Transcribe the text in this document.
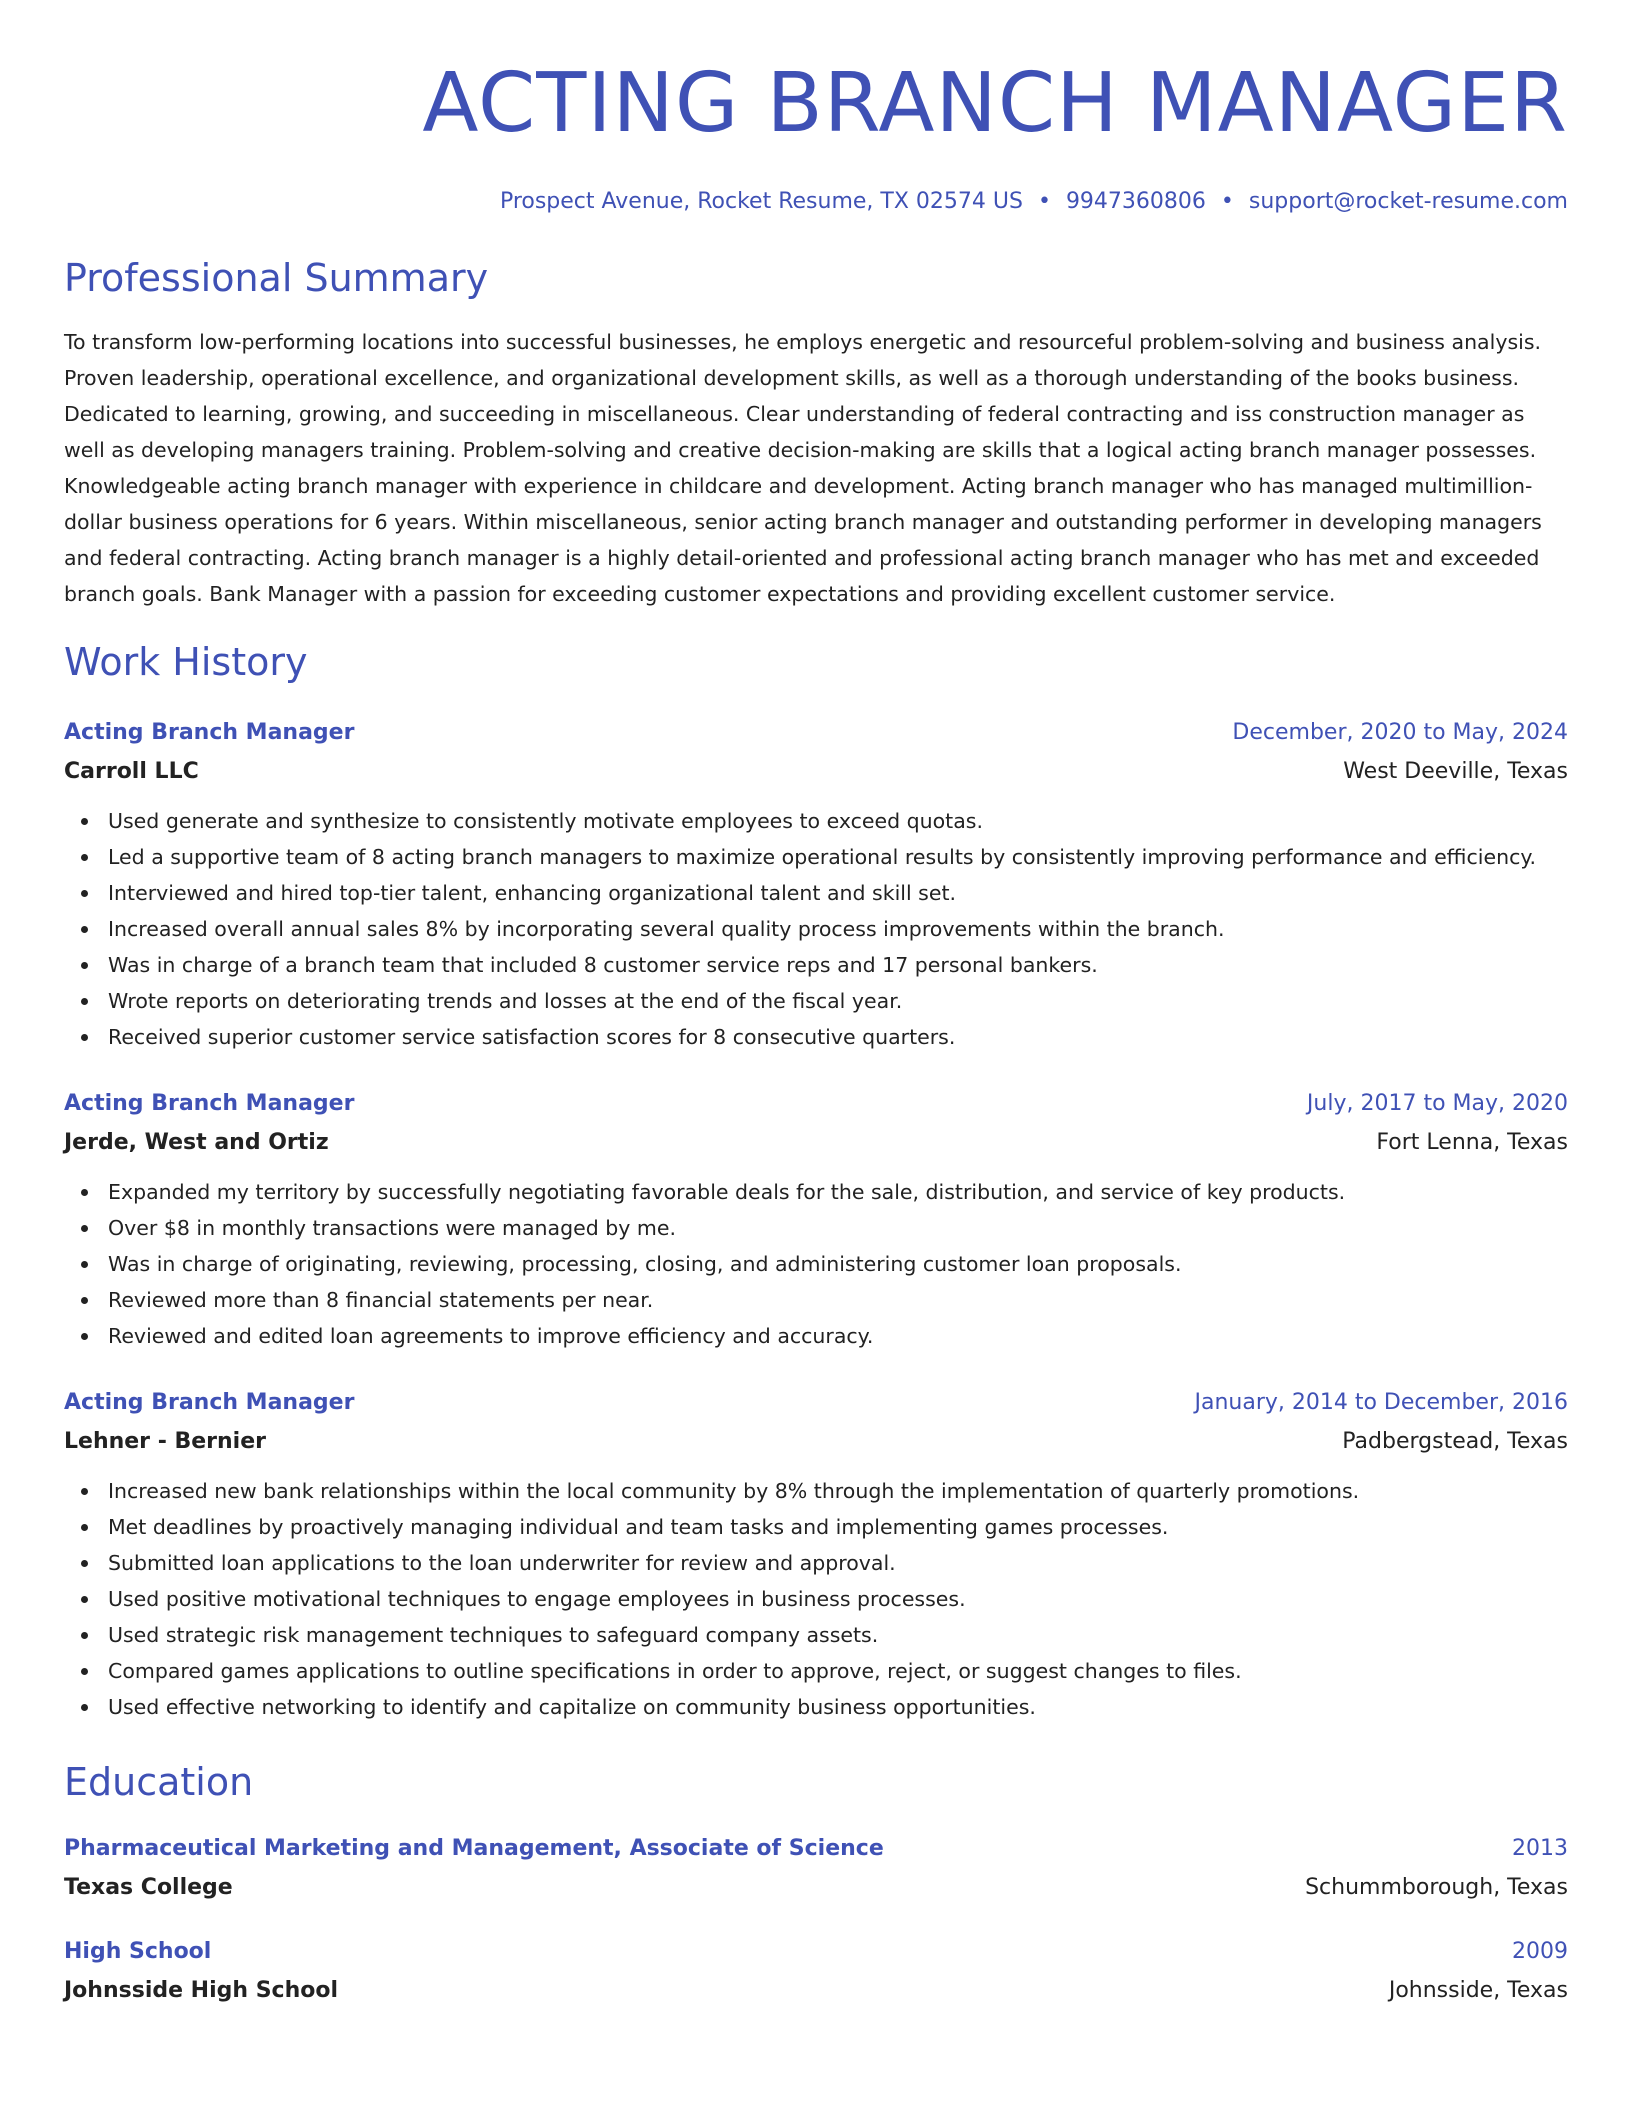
ACTING BRANCH MANAGER
Prospect Avenue, Rocket Resume, TX 02574 US • 9947360806 • support@rocket-resume.com
Professional Summary
To transform low-performing locations into successful businesses, he employs energetic and resourceful problem-solving and business analysis. Proven leadership, operational excellence, and organizational development skills, as well as a thorough understanding of the books business. Dedicated to learning, growing, and succeeding in miscellaneous. Clear understanding of federal contracting and iss construction manager as well as developing managers training. Problem-solving and creative decision-making are skills that a logical acting branch manager possesses. Knowledgeable acting branch manager with experience in childcare and development. Acting branch manager who has managed multimillion-dollar business operations for 6 years. Within miscellaneous, senior acting branch manager and outstanding performer in developing managers and federal contracting. Acting branch manager is a highly detail-oriented and professional acting branch manager who has met and exceeded branch goals. Bank Manager with a passion for exceeding customer expectations and providing excellent customer service.
Work History
Acting Branch Manager	December, 2020 to May, 2024
Carroll LLC	West Deeville, Texas
Used generate and synthesize to consistently motivate employees to exceed quotas.
Led a supportive team of 8 acting branch managers to maximize operational results by consistently improving performance and efficiency.
Interviewed and hired top-tier talent, enhancing organizational talent and skill set.
Increased overall annual sales 8% by incorporating several quality process improvements within the branch.
Was in charge of a branch team that included 8 customer service reps and 17 personal bankers.
Wrote reports on deteriorating trends and losses at the end of the fiscal year.
Received superior customer service satisfaction scores for 8 consecutive quarters.
Acting Branch Manager	July, 2017 to May, 2020
Jerde, West and Ortiz	Fort Lenna, Texas
Expanded my territory by successfully negotiating favorable deals for the sale, distribution, and service of key products.
Over $8 in monthly transactions were managed by me.
Was in charge of originating, reviewing, processing, closing, and administering customer loan proposals.
Reviewed more than 8 financial statements per near.
Reviewed and edited loan agreements to improve efficiency and accuracy.
Acting Branch Manager	January, 2014 to December, 2016
Lehner - Bernier	Padbergstead, Texas
Increased new bank relationships within the local community by 8% through the implementation of quarterly promotions.
Met deadlines by proactively managing individual and team tasks and implementing games processes.
Submitted loan applications to the loan underwriter for review and approval.
Used positive motivational techniques to engage employees in business processes.
Used strategic risk management techniques to safeguard company assets.
Compared games applications to outline specifications in order to approve, reject, or suggest changes to files.
Used effective networking to identify and capitalize on community business opportunities.
Education
Pharmaceutical Marketing and Management, Associate of Science	2013
Texas College	Schummborough, Texas
High School	2009
Johnsside High School	Johnsside, Texas
